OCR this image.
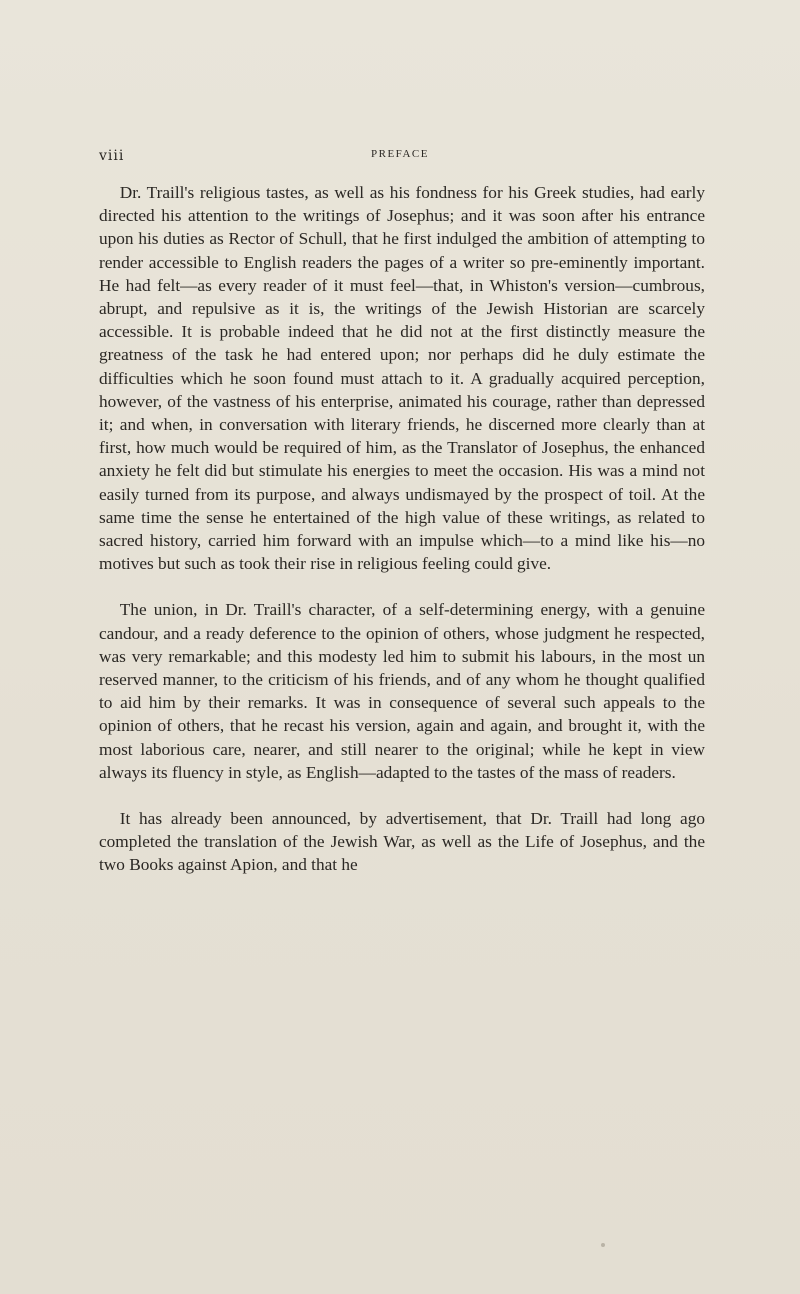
viii	PREFACE

Dr. Traill's religious tastes, as well as his fondness for his Greek studies, had early directed his attention to the writings of Josephus; and it was soon after his entrance upon his duties as Rector of Schull, that he first indulged the ambition of attempting to render accessible to English readers the pages of a writer so pre-eminently important. He had felt—as every reader of it must feel—that, in Whiston's version—cumbrous, abrupt, and repulsive as it is, the writings of the Jewish Historian are scarcely accessible. It is probable indeed that he did not at the first distinctly measure the greatness of the task he had entered upon; nor perhaps did he duly estimate the difficulties which he soon found must attach to it. A gradually acquired perception, however, of the vastness of his enterprise, animated his courage, rather than depressed it; and when, in conversation with literary friends, he discerned more clearly than at first, how much would be required of him, as the Translator of Josephus, the enhanced anxiety he felt did but stimulate his energies to meet the occasion. His was a mind not easily turned from its purpose, and always undismayed by the prospect of toil. At the same time the sense he entertained of the high value of these writings, as related to sacred history, carried him forward with an impulse which—to a mind like his—no motives but such as took their rise in religious feeling could give.

The union, in Dr. Traill's character, of a self-determining energy, with a genuine candour, and a ready deference to the opinion of others, whose judgment he respected, was very remarkable; and this modesty led him to submit his labours, in the most un reserved manner, to the criticism of his friends, and of any whom he thought qualified to aid him by their remarks. It was in consequence of several such appeals to the opinion of others, that he recast his version, again and again, and brought it, with the most laborious care, nearer, and still nearer to the original; while he kept in view always its fluency in style, as English—adapted to the tastes of the mass of readers.

It has already been announced, by advertisement, that Dr. Traill had long ago completed the translation of the Jewish War, as well as the Life of Josephus, and the two Books against Apion, and that he
